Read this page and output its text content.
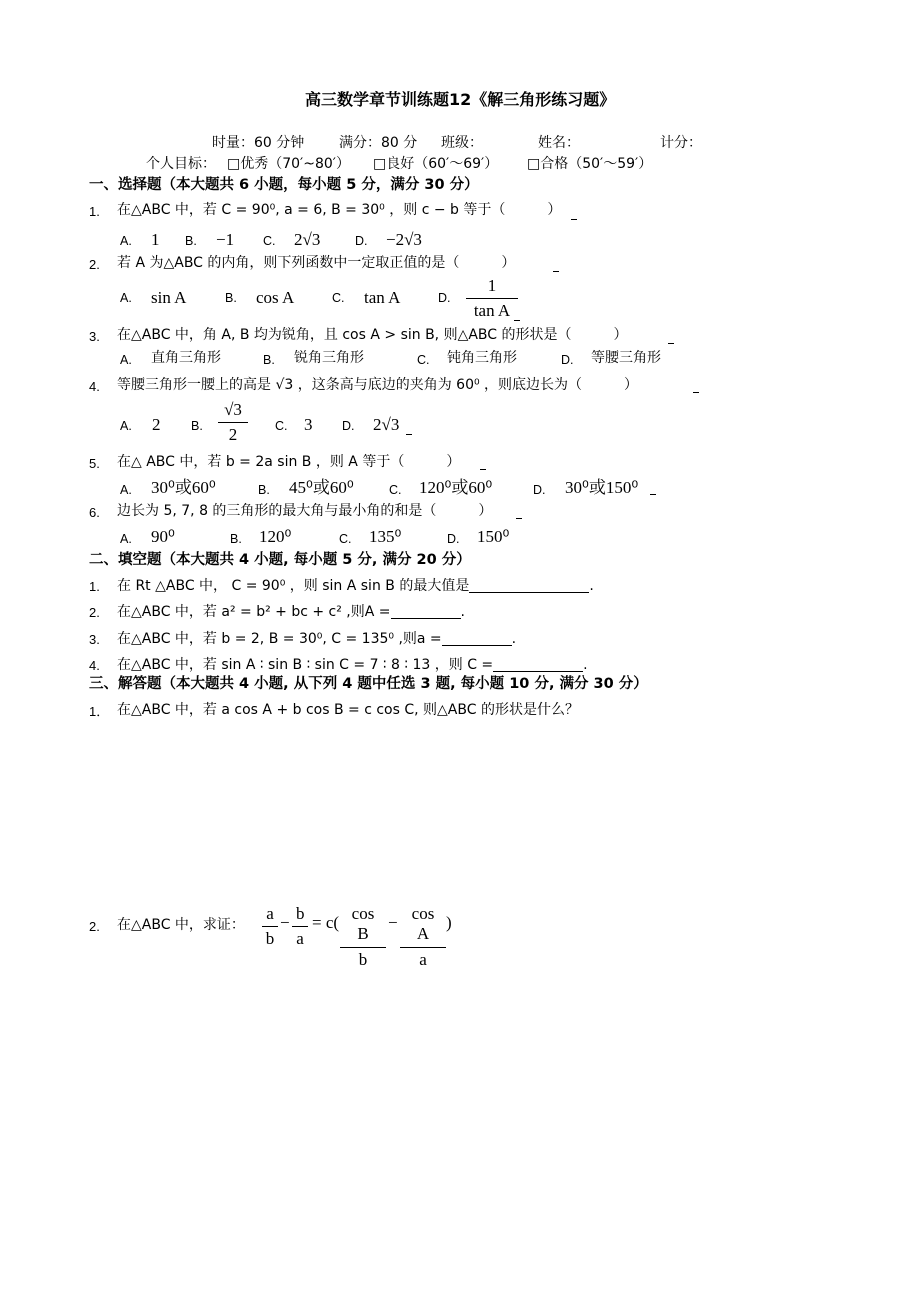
高三数学章节训练题12《解三角形练习题》
时量：60 分钟 满分：80 分 班级：	姓名：	计分：
个人目标： □优秀（70′~80′） □良好（60′～69′） □合格（50′～59′）
一、选择题（本大题共 6 小题，每小题 5 分，满分 30 分）
1. 在△ABC 中，若 C = 90⁰, a = 6, B = 30⁰ ，则 c − b 等于（　　　）
A. 1 B. −1 C. 2√3	D. −2√3
2. 若 A 为△ABC 的内角，则下列函数中一定取正值的是（　　　）
A. sin A	B. cos A	C. tan A	D.
1
tan A
3. 在△ABC 中，角 A, B 均为锐角，且 cos A > sin B, 则△ABC 的形状是（　　　）
A. 直角三角形	B. 锐角三角形	C. 钝角三角形	D. 等腰三角形
4. 等腰三角形一腰上的高是 √3 ，这条高与底边的夹角为 60⁰ ，则底边长为（　　　）
A. 2 B.
√3
2	C. 3 D. 2√3
5. 在△ ABC 中，若 b = 2a sin B ，则 A 等于（　　　）
A. 30⁰或60⁰	B. 45⁰或60⁰	C. 120⁰或60⁰	D. 30⁰或150⁰
6. 边长为 5, 7, 8 的三角形的最大角与最小角的和是（　　　）
A. 90⁰	B. 120⁰	C. 135⁰	D. 150⁰
二、填空题（本大题共 4 小题, 每小题 5 分, 满分 20 分）
1. 在 Rt △ABC 中， C = 90⁰ ，则 sin A sin B 的最大值是	.
2. 在△ABC 中，若 a² = b² + bc + c² ,则A =	.
3. 在△ABC 中，若 b = 2, B = 30⁰, C = 135⁰ ,则a =	.
4. 在△ABC 中，若 sin A ∶ sin B ∶ sin C = 7 ∶ 8 ∶ 13 ，则 C =	.
三、解答题（本大题共 4 小题, 从下列 4 题中任选 3 题, 每小题 10 分, 满分 30 分）
1． 在△ABC 中，若 a cos A + b cos B = c cos C, 则△ABC 的形状是什么？
2. 在△ABC 中，求证：
a
b
− b
a
= c( cos B
b
− cos A
a
)
